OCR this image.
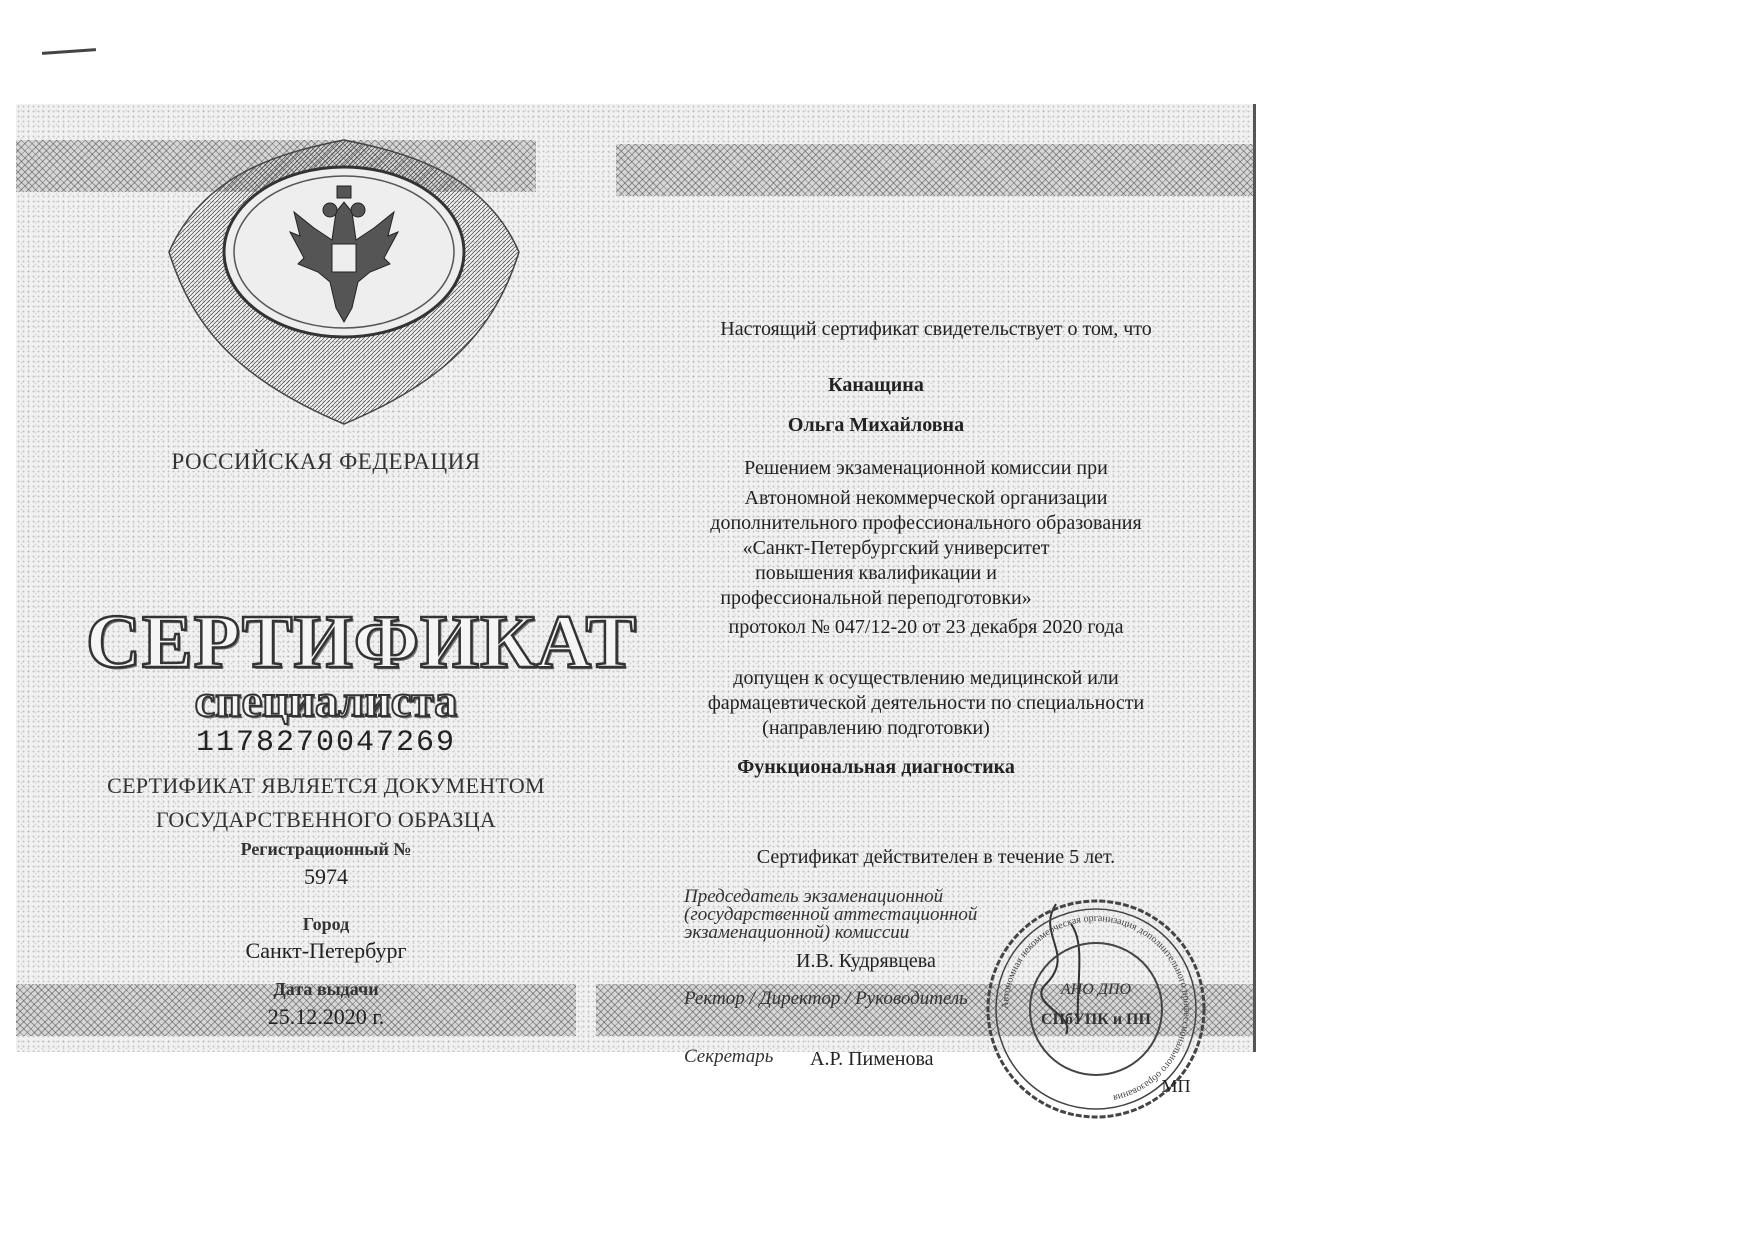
РОССИЙСКАЯ ФЕДЕРАЦИЯ
СЕРТИФИКАТ
специалиста
1178270047269
СЕРТИФИКАТ ЯВЛЯЕТСЯ ДОКУМЕНТОМ
ГОСУДАРСТВЕННОГО ОБРАЗЦА
Регистрационный №
5974
Город
Санкт-Петербург
Дата выдачи
25.12.2020 г.
Настоящий сертификат свидетельствует о том, что
Канащина
Ольга Михайловна
Решением экзаменационной комиссии при
Автономной некоммерческой организации
дополнительного профессионального образования
«Санкт-Петербургский университет
повышения квалификации и
профессиональной переподготовки»
протокол № 047/12-20 от 23 декабря 2020 года
допущен к осуществлению медицинской или
фармацевтической деятельности по специальности
(направлению подготовки)
Функциональная диагностика
Сертификат действителен в течение 5 лет.
Председатель экзаменационной
(государственной аттестационной
экзаменационной) комиссии
И.В. Кудрявцева
Ректор / Директор / Руководитель
Секретарь А.Р. Пименова
Автономная некоммерческая организация дополнительного профессионального образования
АНО ДПО
СПбУПК и ПП
МП
